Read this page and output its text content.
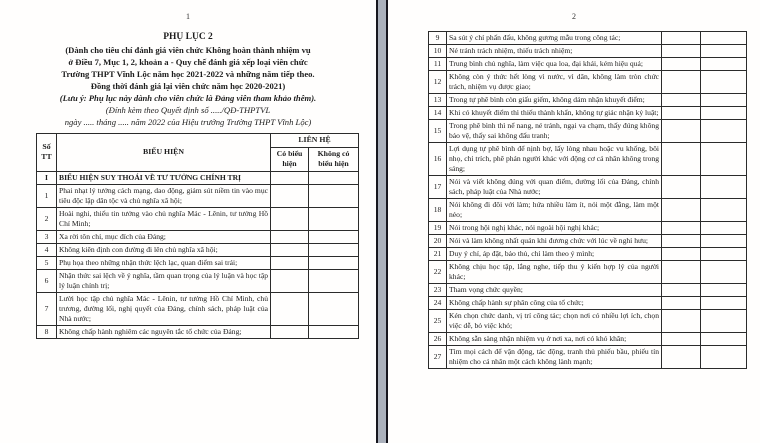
1
PHỤ LỤC 2
(Dành cho tiêu chí đánh giá viên chức Không hoàn thành nhiệm vụ
ở Điều 7, Mục 1, 2, khoản a - Quy chế đánh giá xếp loại viên chức
Trường THPT Vĩnh Lộc năm học 2021-2022 và những năm tiếp theo.
Đồng thời đánh giá lại viên chức năm học 2020-2021)
(Lưu ý: Phụ lục này dành cho viên chức là Đảng viên tham khảo thêm).
(Đính kèm theo Quyết định số ...../QĐ-THPTVL
ngày ..... tháng ..... năm 2022 của Hiệu trưởng Trường THPT Vĩnh Lộc)
Số TT	BIỂU HIỆN	LIÊN HỆ	
		Có biểu hiện	Không có biểu hiện
I	BIỂU HIỆN SUY THOÁI VỀ TƯ TƯỞNG CHÍNH TRỊ		
1	Phai nhạt lý tưởng cách mạng, dao động, giảm sút niềm tin vào mục tiêu độc lập dân tộc và chủ nghĩa xã hội;		
2	Hoài nghi, thiếu tin tưởng vào chủ nghĩa Mác - Lênin, tư tưởng Hồ Chí Minh;		
3	Xa rời tôn chỉ, mục đích của Đảng;		
4	Không kiên định con đường đi lên chủ nghĩa xã hội;		
5	Phụ họa theo những nhận thức lệch lạc, quan điểm sai trái;		
6	Nhận thức sai lệch về ý nghĩa, tầm quan trọng của lý luận và học tập lý luận chính trị;		
7	Lười học tập chủ nghĩa Mác - Lênin, tư tưởng Hồ Chí Minh, chủ trương, đường lối, nghị quyết của Đảng, chính sách, pháp luật của Nhà nước;		
8	Không chấp hành nghiêm các nguyên tắc tổ chức của Đảng;		
2
9	Sa sút ý chí phấn đấu, không gương mẫu trong công tác;		
10	Né tránh trách nhiệm, thiếu trách nhiệm;		
11	Trung bình chủ nghĩa, làm việc qua loa, đại khái, kém hiệu quả;		
12	Không còn ý thức hết lòng vì nước, vì dân, không làm tròn chức trách, nhiệm vụ được giao;		
13	Trong tự phê bình còn giấu giếm, không dám nhận khuyết điểm;		
14	Khi có khuyết điểm thì thiếu thành khẩn, không tự giác nhận kỷ luật;		
15	Trong phê bình thì nể nang, né tránh, ngại va chạm, thấy đúng không bảo vệ, thấy sai không đấu tranh;		
16	Lợi dụng tự phê bình để nịnh bợ, lấy lòng nhau hoặc vu khống, bôi nhọ, chỉ trích, phê phán người khác với động cơ cá nhân không trong sáng;		
17	Nói và viết không đúng với quan điểm, đường lối của Đảng, chính sách, pháp luật của Nhà nước;		
18	Nói không đi đôi với làm; hứa nhiều làm ít, nói một đằng, làm một nẻo;		
19	Nói trong hội nghị khác, nói ngoài hội nghị khác;		
20	Nói và làm không nhất quán khi đương chức với lúc về nghỉ hưu;		
21	Duy ý chí, áp đặt, bảo thủ, chỉ làm theo ý mình;		
22	Không chịu học tập, lắng nghe, tiếp thu ý kiến hợp lý của người khác;		
23	Tham vọng chức quyền;		
24	Không chấp hành sự phân công của tổ chức;		
25	Kén chọn chức danh, vị trí công tác; chọn nơi có nhiều lợi ích, chọn việc dễ, bỏ việc khó;		
26	Không sẵn sàng nhận nhiệm vụ ở nơi xa, nơi có khó khăn;		
27	Tìm mọi cách để vận động, tác động, tranh thủ phiếu bầu, phiếu tín nhiệm cho cá nhân một cách không lành mạnh;		
